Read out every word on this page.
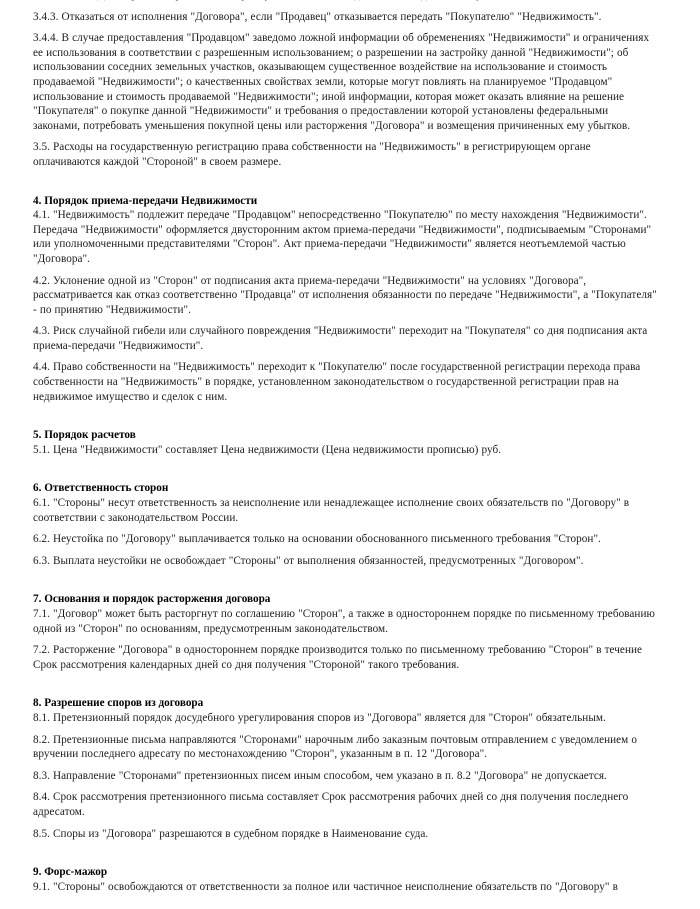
3.4.3. Отказаться от исполнения "Договора", если "Продавец" отказывается передать "Покупателю" "Недвижимость".

3.4.4. В случае предоставления "Продавцом" заведомо ложной информации об обременениях "Недвижимости" и ограничениях ее использования в соответствии с разрешенным использованием; о разрешении на застройку данной "Недвижимости"; об использовании соседних земельных участков, оказывающем существенное воздействие на использование и стоимость продаваемой "Недвижимости"; о качественных свойствах земли, которые могут повлиять на планируемое "Продавцом" использование и стоимость продаваемой "Недвижимости"; иной информации, которая может оказать влияние на решение "Покупателя" о покупке данной "Недвижимости" и требования о предоставлении которой установлены федеральными законами, потребовать уменьшения покупной цены или расторжения "Договора" и возмещения причиненных ему убытков.

3.5. Расходы на государственную регистрацию права собственности на "Недвижимость" в регистрирующем органе оплачиваются каждой "Стороной" в своем размере.

4. Порядок приема-передачи Недвижимости

4.1. "Недвижимость" подлежит передаче "Продавцом" непосредственно "Покупателю" по месту нахождения "Недвижимости". Передача "Недвижимости" оформляется двусторонним актом приема-передачи "Недвижимости", подписываемым "Сторонами" или уполномоченными представителями "Сторон". Акт приема-передачи "Недвижимости" является неотъемлемой частью "Договора".

4.2. Уклонение одной из "Сторон" от подписания акта приема-передачи "Недвижимости" на условиях "Договора", рассматривается как отказ соответственно "Продавца" от исполнения обязанности по передаче "Недвижимости", а "Покупателя" - по принятию "Недвижимости".

4.3. Риск случайной гибели или случайного повреждения "Недвижимости" переходит на "Покупателя" со дня подписания акта приема-передачи "Недвижимости".

4.4. Право собственности на "Недвижимость" переходит к "Покупателю" после государственной регистрации перехода права собственности на "Недвижимость" в порядке, установленном законодательством о государственной регистрации прав на недвижимое имущество и сделок с ним.

5. Порядок расчетов

5.1. Цена "Недвижимости" составляет Цена недвижимости (Цена недвижимости прописью) руб.

6. Ответственность сторон

6.1. "Стороны" несут ответственность за неисполнение или ненадлежащее исполнение своих обязательств по "Договору" в соответствии с законодательством России.

6.2. Неустойка по "Договору" выплачивается только на основании обоснованного письменного требования "Сторон".

6.3. Выплата неустойки не освобождает "Стороны" от выполнения обязанностей, предусмотренных "Договором".

7. Основания и порядок расторжения договора

7.1. "Договор" может быть расторгнут по соглашению "Сторон", а также в одностороннем порядке по письменному требованию одной из "Сторон" по основаниям, предусмотренным законодательством.

7.2. Расторжение "Договора" в одностороннем порядке производится только по письменному требованию "Сторон" в течение Срок рассмотрения календарных дней со дня получения "Стороной" такого требования.

8. Разрешение споров из договора

8.1. Претензионный порядок досудебного урегулирования споров из "Договора" является для "Сторон" обязательным.

8.2. Претензионные письма направляются "Сторонами" нарочным либо заказным почтовым отправлением с уведомлением о вручении последнего адресату по местонахождению "Сторон", указанным в п. 12 "Договора".

8.3. Направление "Сторонами" претензионных писем иным способом, чем указано в п. 8.2 "Договора" не допускается.

8.4. Срок рассмотрения претензионного письма составляет Срок рассмотрения рабочих дней со дня получения последнего адресатом.

8.5. Споры из "Договора" разрешаются в судебном порядке в Наименование суда.

9. Форс-мажор

9.1. "Стороны" освобождаются от ответственности за полное или частичное неисполнение обязательств по "Договору" в
